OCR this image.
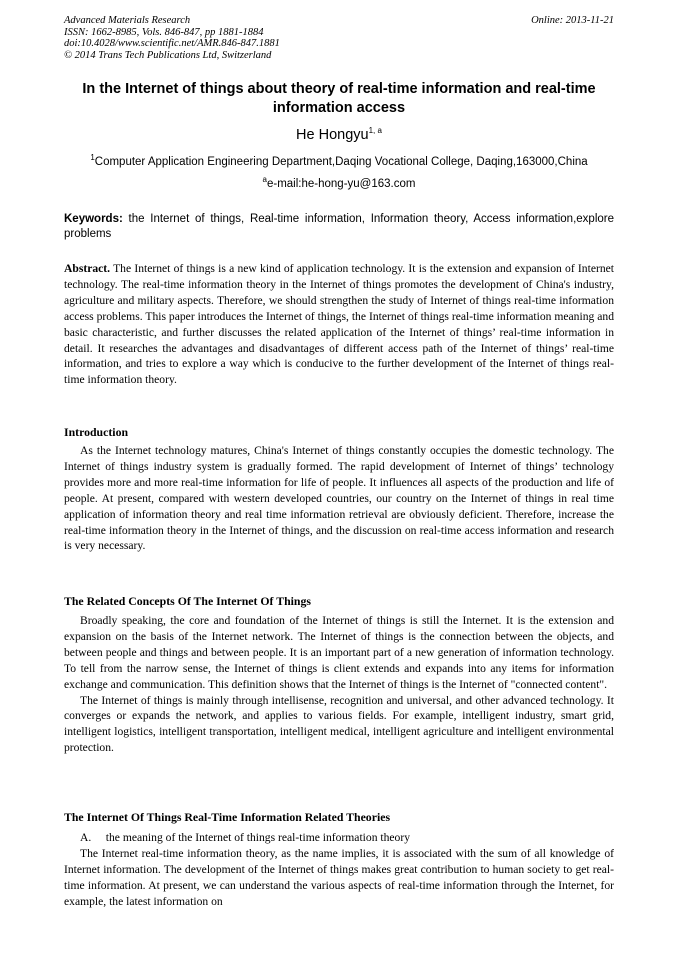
Advanced Materials Research
ISSN: 1662-8985, Vols. 846-847, pp 1881-1884
doi:10.4028/www.scientific.net/AMR.846-847.1881
© 2014 Trans Tech Publications Ltd, Switzerland
Online: 2013-11-21
In the Internet of things about theory of real-time information and real-time information access
He Hongyu$^{1, a}$
$^1$Computer Application Engineering Department,Daqing Vocational College, Daqing,163000,China
$^a$e-mail:he-hong-yu@163.com
Keywords: the Internet of things, Real-time information, Information theory, Access information,explore problems

Abstract. The Internet of things is a new kind of application technology. It is the extension and expansion of Internet technology. The real-time information theory in the Internet of things promotes the development of China's industry, agriculture and military aspects. Therefore, we should strengthen the study of Internet of things real-time information access problems. This paper introduces the Internet of things, the Internet of things real-time information meaning and basic characteristic, and further discusses the related application of the Internet of things’ real-time information in detail. It researches the advantages and disadvantages of different access path of the Internet of things’ real-time information, and tries to explore a way which is conducive to the further development of the Internet of things real-time information theory.

Introduction

As the Internet technology matures, China's Internet of things constantly occupies the domestic technology. The Internet of things industry system is gradually formed. The rapid development of Internet of things’ technology provides more and more real-time information for life of people. It influences all aspects of the production and life of people. At present, compared with western developed countries, our country on the Internet of things in real time application of information theory and real time information retrieval are obviously deficient. Therefore, increase the real-time information theory in the Internet of things, and the discussion on real-time access information and research is very necessary.

The Related Concepts Of The Internet Of Things

Broadly speaking, the core and foundation of the Internet of things is still the Internet. It is the extension and expansion on the basis of the Internet network. The Internet of things is the connection between the objects, and between people and things and between people. It is an important part of a new generation of information technology. To tell from the narrow sense, the Internet of things is client extends and expands into any items for information exchange and communication. This definition shows that the Internet of things is the Internet of "connected content".

The Internet of things is mainly through intellisense, recognition and universal, and other advanced technology. It converges or expands the network, and applies to various fields. For example, intelligent industry, smart grid, intelligent logistics, intelligent transportation, intelligent medical, intelligent agriculture and intelligent environmental protection.

The Internet Of Things Real-Time Information Related Theories

A.     the meaning of the Internet of things real-time information theory

The Internet real-time information theory, as the name implies, it is associated with the sum of all knowledge of Internet information. The development of the Internet of things makes great contribution to human society to get real-time information. At present, we can understand the various aspects of real-time information through the Internet, for example, the latest information on
